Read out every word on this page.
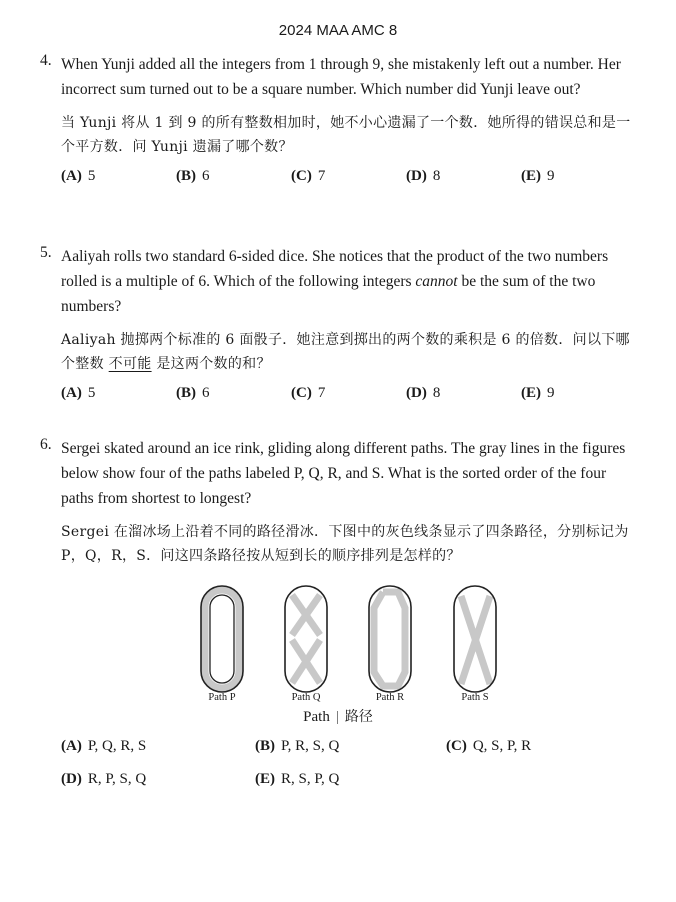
2024 MAA AMC 8
4. When Yunji added all the integers from 1 through 9, she mistakenly left out a number. Her incorrect sum turned out to be a square number. Which number did Yunji leave out?
当 Yunji 将从 1 到 9 的所有整数相加时，她不小心遗漏了一个数．她所得的错误总和是一个平方数．问 Yunji 遗漏了哪个数？
(A) 5	(B) 6	(C) 7	(D) 8	(E) 9
5. Aaliyah rolls two standard 6-sided dice. She notices that the product of the two numbers rolled is a multiple of 6. Which of the following integers cannot be the sum of the two numbers?
Aaliyah 抛掷两个标准的 6 面骰子．她注意到掷出的两个数的乘积是 6 的倍数．问以下哪个整数 不可能 是这两个数的和？
(A) 5	(B) 6	(C) 7	(D) 8	(E) 9
6. Sergei skated around an ice rink, gliding along different paths. The gray lines in the figures below show four of the paths labeled P, Q, R, and S. What is the sorted order of the four paths from shortest to longest?
Sergei 在溜冰场上沿着不同的路径滑冰．下图中的灰色线条显示了四条路径，分别标记为 P，Q，R，S．问这四条路径按从短到长的顺序排列是怎样的？
Path P	Path Q	Path R	Path S
Path | 路径
(A) P, Q, R, S	(B) P, R, S, Q	(C) Q, S, P, R
(D) R, P, S, Q	(E) R, S, P, Q
